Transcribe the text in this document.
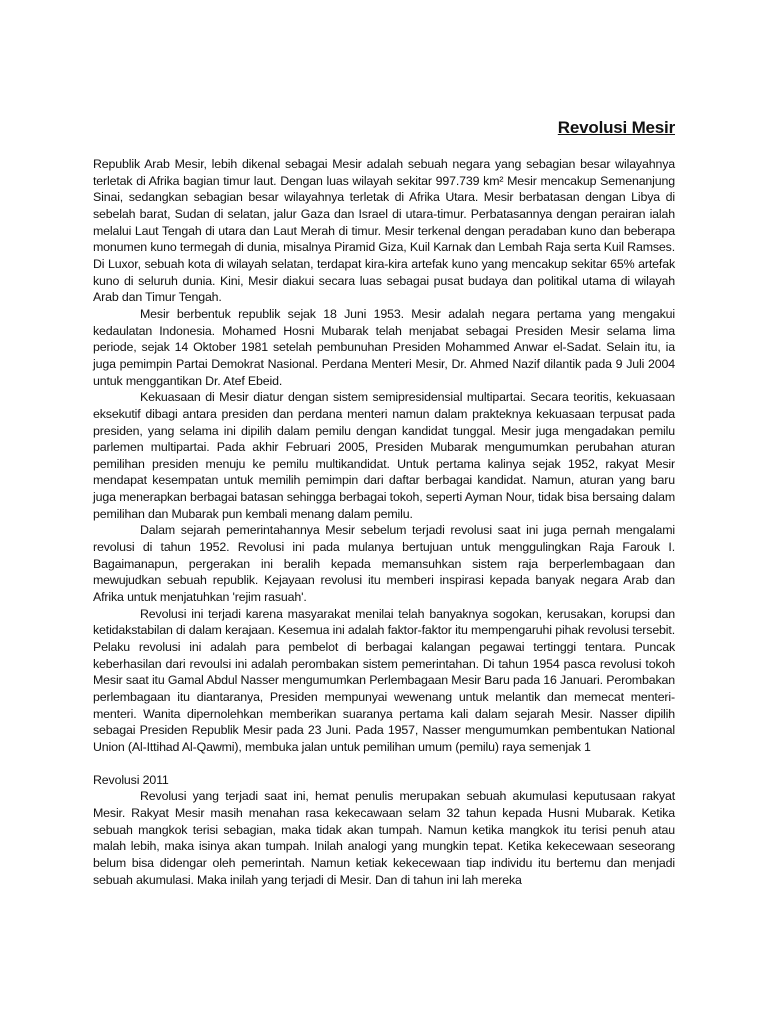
Revolusi Mesir

Republik Arab Mesir, lebih dikenal sebagai Mesir adalah sebuah negara yang sebagian besar wilayahnya terletak di Afrika bagian timur laut. Dengan luas wilayah sekitar 997.739 km² Mesir mencakup Semenanjung Sinai, sedangkan sebagian besar wilayahnya terletak di Afrika Utara. Mesir berbatasan dengan Libya di sebelah barat, Sudan di selatan, jalur Gaza dan Israel di utara-timur. Perbatasannya dengan perairan ialah melalui Laut Tengah di utara dan Laut Merah di timur. Mesir terkenal dengan peradaban kuno dan beberapa monumen kuno termegah di dunia, misalnya Piramid Giza, Kuil Karnak dan Lembah Raja serta Kuil Ramses. Di Luxor, sebuah kota di wilayah selatan, terdapat kira-kira artefak kuno yang mencakup sekitar 65% artefak kuno di seluruh dunia. Kini, Mesir diakui secara luas sebagai pusat budaya dan politikal utama di wilayah Arab dan Timur Tengah.

Mesir berbentuk republik sejak 18 Juni 1953. Mesir adalah negara pertama yang mengakui kedaulatan Indonesia. Mohamed Hosni Mubarak telah menjabat sebagai Presiden Mesir selama lima periode, sejak 14 Oktober 1981 setelah pembunuhan Presiden Mohammed Anwar el-Sadat. Selain itu, ia juga pemimpin Partai Demokrat Nasional. Perdana Menteri Mesir, Dr. Ahmed Nazif dilantik pada 9 Juli 2004 untuk menggantikan Dr. Atef Ebeid.

Kekuasaan di Mesir diatur dengan sistem semipresidensial multipartai. Secara teoritis, kekuasaan eksekutif dibagi antara presiden dan perdana menteri namun dalam prakteknya kekuasaan terpusat pada presiden, yang selama ini dipilih dalam pemilu dengan kandidat tunggal. Mesir juga mengadakan pemilu parlemen multipartai. Pada akhir Februari 2005, Presiden Mubarak mengumumkan perubahan aturan pemilihan presiden menuju ke pemilu multikandidat. Untuk pertama kalinya sejak 1952, rakyat Mesir mendapat kesempatan untuk memilih pemimpin dari daftar berbagai kandidat. Namun, aturan yang baru juga menerapkan berbagai batasan sehingga berbagai tokoh, seperti Ayman Nour, tidak bisa bersaing dalam pemilihan dan Mubarak pun kembali menang dalam pemilu.

Dalam sejarah pemerintahannya Mesir sebelum terjadi revolusi saat ini juga pernah mengalami revolusi di tahun 1952. Revolusi ini pada mulanya bertujuan untuk menggulingkan Raja Farouk I. Bagaimanapun, pergerakan ini beralih kepada memansuhkan sistem raja berperlembagaan dan mewujudkan sebuah republik. Kejayaan revolusi itu memberi inspirasi kepada banyak negara Arab dan Afrika untuk menjatuhkan 'rejim rasuah'.

Revolusi ini terjadi karena masyarakat menilai telah banyaknya sogokan, kerusakan, korupsi dan ketidakstabilan di dalam kerajaan. Kesemua ini adalah faktor-faktor itu mempengaruhi pihak revolusi tersebit. Pelaku revolusi ini adalah para pembelot di berbagai kalangan pegawai tertinggi tentara. Puncak keberhasilan dari revoulsi ini adalah perombakan sistem pemerintahan. Di tahun 1954 pasca revolusi tokoh Mesir saat itu Gamal Abdul Nasser mengumumkan Perlembagaan Mesir Baru pada 16 Januari. Perombakan perlembagaan itu diantaranya, Presiden mempunyai wewenang untuk melantik dan memecat menteri-menteri. Wanita dipernolehkan memberikan suaranya pertama kali dalam sejarah Mesir. Nasser dipilih sebagai Presiden Republik Mesir pada 23 Juni. Pada 1957, Nasser mengumumkan pembentukan National Union (Al-Ittihad Al-Qawmi), membuka jalan untuk pemilihan umum (pemilu) raya semenjak 1

Revolusi 2011

Revolusi yang terjadi saat ini, hemat penulis merupakan sebuah akumulasi keputusaan rakyat Mesir. Rakyat Mesir masih menahan rasa kekecawaan selam 32 tahun kepada Husni Mubarak. Ketika sebuah mangkok terisi sebagian, maka tidak akan tumpah. Namun ketika mangkok itu terisi penuh atau malah lebih, maka isinya akan tumpah. Inilah analogi yang mungkin tepat. Ketika kekecewaan seseorang belum bisa didengar oleh pemerintah. Namun ketiak kekecewaan tiap individu itu bertemu dan menjadi sebuah akumulasi. Maka inilah yang terjadi di Mesir. Dan di tahun ini lah mereka
